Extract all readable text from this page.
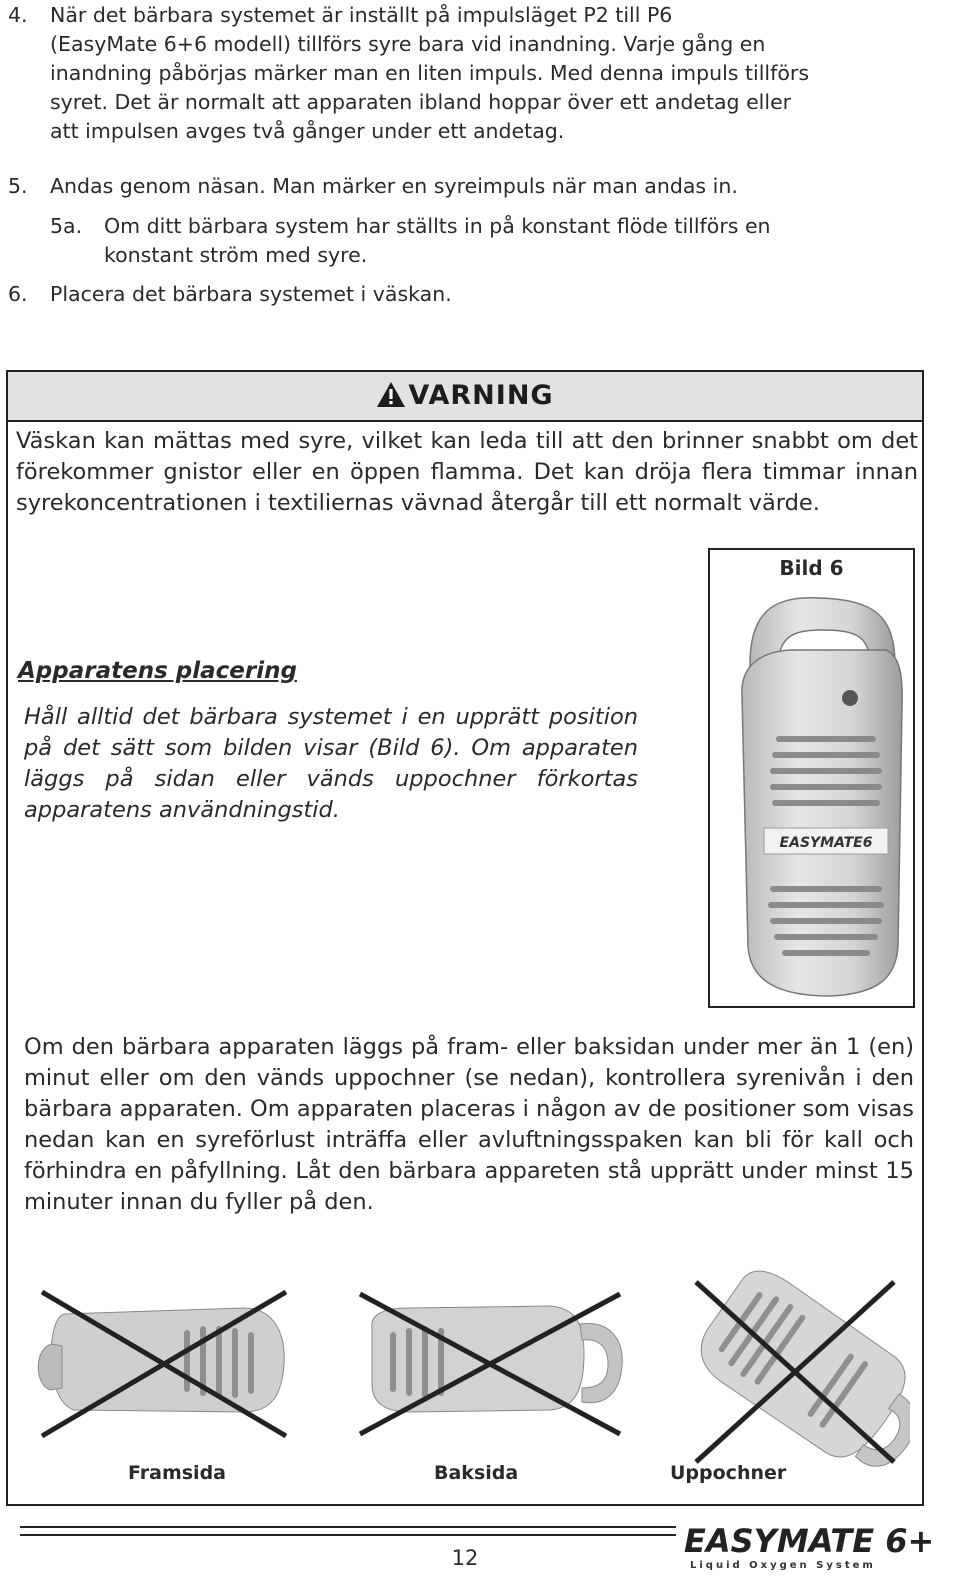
4. När det bärbara systemet är inställt på impulsläget P2 till P6
(EasyMate 6+6 modell) tillförs syre bara vid inandning. Varje gång en
inandning påbörjas märker man en liten impuls. Med denna impuls tillförs
syret. Det är normalt att apparaten ibland hoppar över ett andetag eller
att impulsen avges två gånger under ett andetag.
5. Andas genom näsan. Man märker en syreimpuls när man andas in.
5a. Om ditt bärbara system har ställts in på konstant flöde tillförs en
konstant ström med syre.
6. Placera det bärbara systemet i väskan.
VARNING
Väskan kan mättas med syre, vilket kan leda till att den brinner snabbt om det förekommer gnistor eller en öppen flamma. Det kan dröja flera timmar innan syrekoncentrationen i textiliernas vävnad återgår till ett normalt värde.
Bild 6
EASYMATE6
Apparatens placering
Håll alltid det bärbara systemet i en upprätt position på det sätt som bilden visar (Bild 6). Om apparaten läggs på sidan eller vänds uppochner förkortas apparatens användningstid.
Om den bärbara apparaten läggs på fram- eller baksidan under mer än 1 (en) minut eller om den vänds uppochner (se nedan), kontrollera syrenivån i den bärbara apparaten. Om apparaten placeras i någon av de positioner som visas nedan kan en syreförlust inträffa eller avluftningsspaken kan bli för kall och förhindra en påfyllning. Låt den bärbara appareten stå upprätt under minst 15 minuter innan du fyller på den.
Framsida	Baksida	Uppochner
12	EASYMATE 6+6
Liquid Oxygen System
